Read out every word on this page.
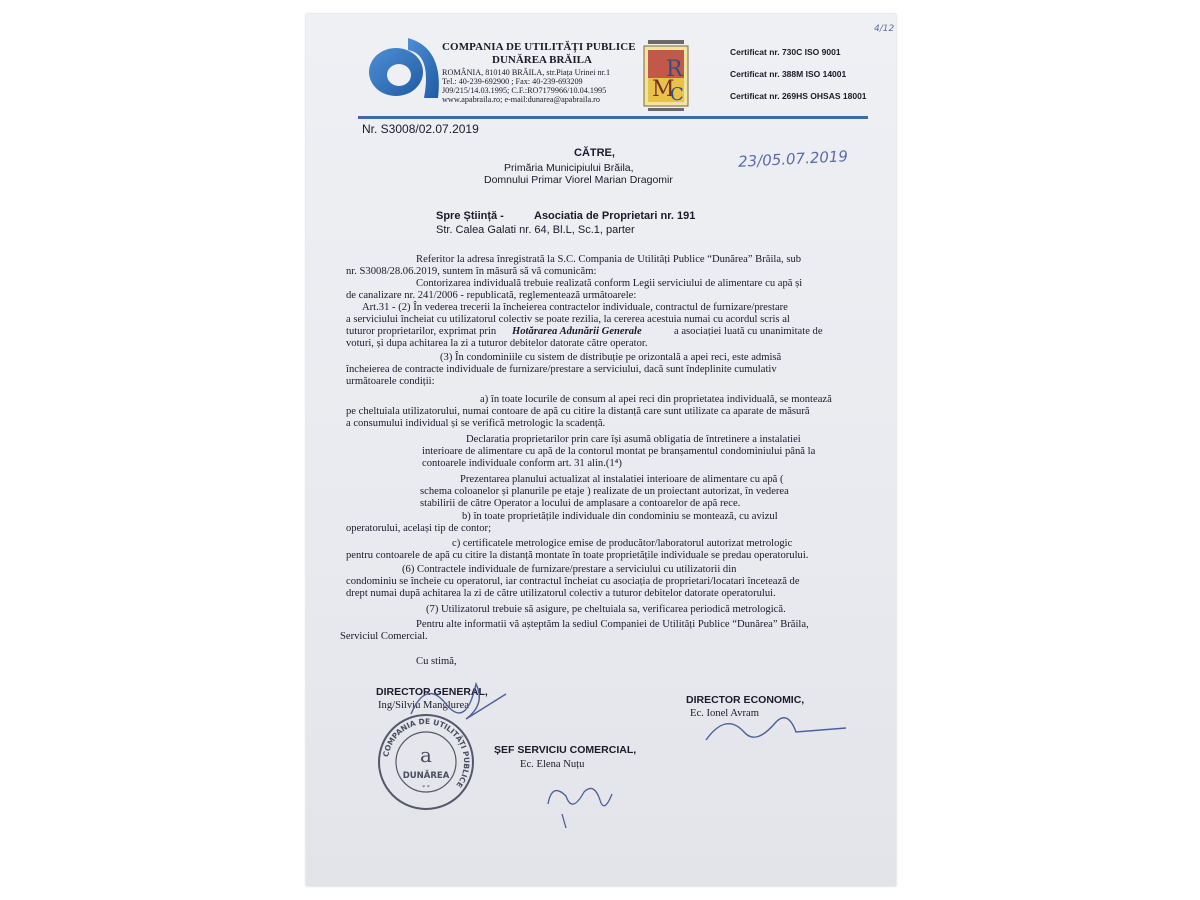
COMPANIA DE UTILITĂȚI PUBLICE
DUNĂREA BRĂILA
ROMÂNIA, 810140 BRĂILA, str.Piața Urinei nr.1
Tel.: 40-239-692900 ; Fax: 40-239-693209
J09/215/14.03.1995; C.F.:RO7179966/10.04.1995
www.apabraila.ro; e-mail:dunarea@apabraila.ro M
R
C
Certificat nr. 730C ISO 9001
Certificat nr. 388M ISO 14001
Certificat nr. 269HS OHSAS 18001
4/12
Nr. S3008/02.07.2019
23/05.07.2019
CĂTRE,
Primăria Municipiului Brăila,
Domnului Primar Viorel Marian Dragomir
Spre Știință -	Asociatia de Proprietari nr. 191
Str. Calea Galati nr. 64, Bl.L, Sc.1, parter
Referitor la adresa înregistrată la S.C. Compania de Utilități Publice “Dunărea” Brăila, sub
nr. S3008/28.06.2019, suntem în măsură să vă comunicăm:
Contorizarea individuală trebuie realizată conform Legii serviciului de alimentare cu apă și
de canalizare nr. 241/2006 - republicată, reglementează următoarele:
Art.31 - (2) În vederea trecerii la încheierea contractelor individuale, contractul de furnizare/prestare
a serviciului încheiat cu utilizatorul colectiv se poate rezilia, la cererea acestuia numai cu acordul scris al
tuturor proprietarilor, exprimat prin Hotărarea Adunării Generale	a asociației luată cu unanimitate de
voturi, și dupa achitarea la zi a tuturor debitelor datorate către operator.
(3) În condominiile cu sistem de distribuție pe orizontală a apei reci, este admisă
încheierea de contracte individuale de furnizare/prestare a serviciului, dacă sunt îndeplinite cumulativ
următoarele condiții:
a) în toate locurile de consum al apei reci din proprietatea individuală, se montează
pe cheltuiala utilizatorului, numai contoare de apă cu citire la distanță care sunt utilizate ca aparate de măsură
a consumului individual și se verifică metrologic la scadență.
Declaratia proprietarilor prin care își asumă obligatia de întretinere a instalatiei
interioare de alimentare cu apă de la contorul montat pe branșamentul condominiului până la
contoarele individuale conform art. 31 alin.(1⁴)
Prezentarea planului actualizat al instalatiei interioare de alimentare cu apă (
schema coloanelor și planurile pe etaje ) realizate de un proiectant autorizat, în vederea
stabilirii de către Operator a locului de amplasare a contoarelor de apă rece.
b) în toate proprietățile individuale din condominiu se montează, cu avizul
operatorului, același tip de contor;
c) certificatele metrologice emise de producător/laboratorul autorizat metrologic
pentru contoarele de apă cu citire la distanță montate în toate proprietățile individuale se predau operatorului.
(6) Contractele individuale de furnizare/prestare a serviciului cu utilizatorii din
condominiu se încheie cu operatorul, iar contractul încheiat cu asociația de proprietari/locatari încetează de
drept numai după achitarea la zi de către utilizatorul colectiv a tuturor debitelor datorate operatorului.
(7) Utilizatorul trebuie să asigure, pe cheltuiala sa, verificarea periodică metrologică.
Pentru alte informatii vă așteptăm la sediul Companiei de Utilități Publice “Dunărea” Brăila,
Serviciul Comercial.
Cu stimă,
DIRECTOR GENERAL,
Ing/Silviu Manglurea	DIRECTOR ECONOMIC,
Ec. Ionel Avram
ȘEF SERVICIU COMERCIAL,
Ec. Elena Nuțu
COMPANIA DE UTILITĂȚI PUBLICE
a
DUNĂREA
* *
